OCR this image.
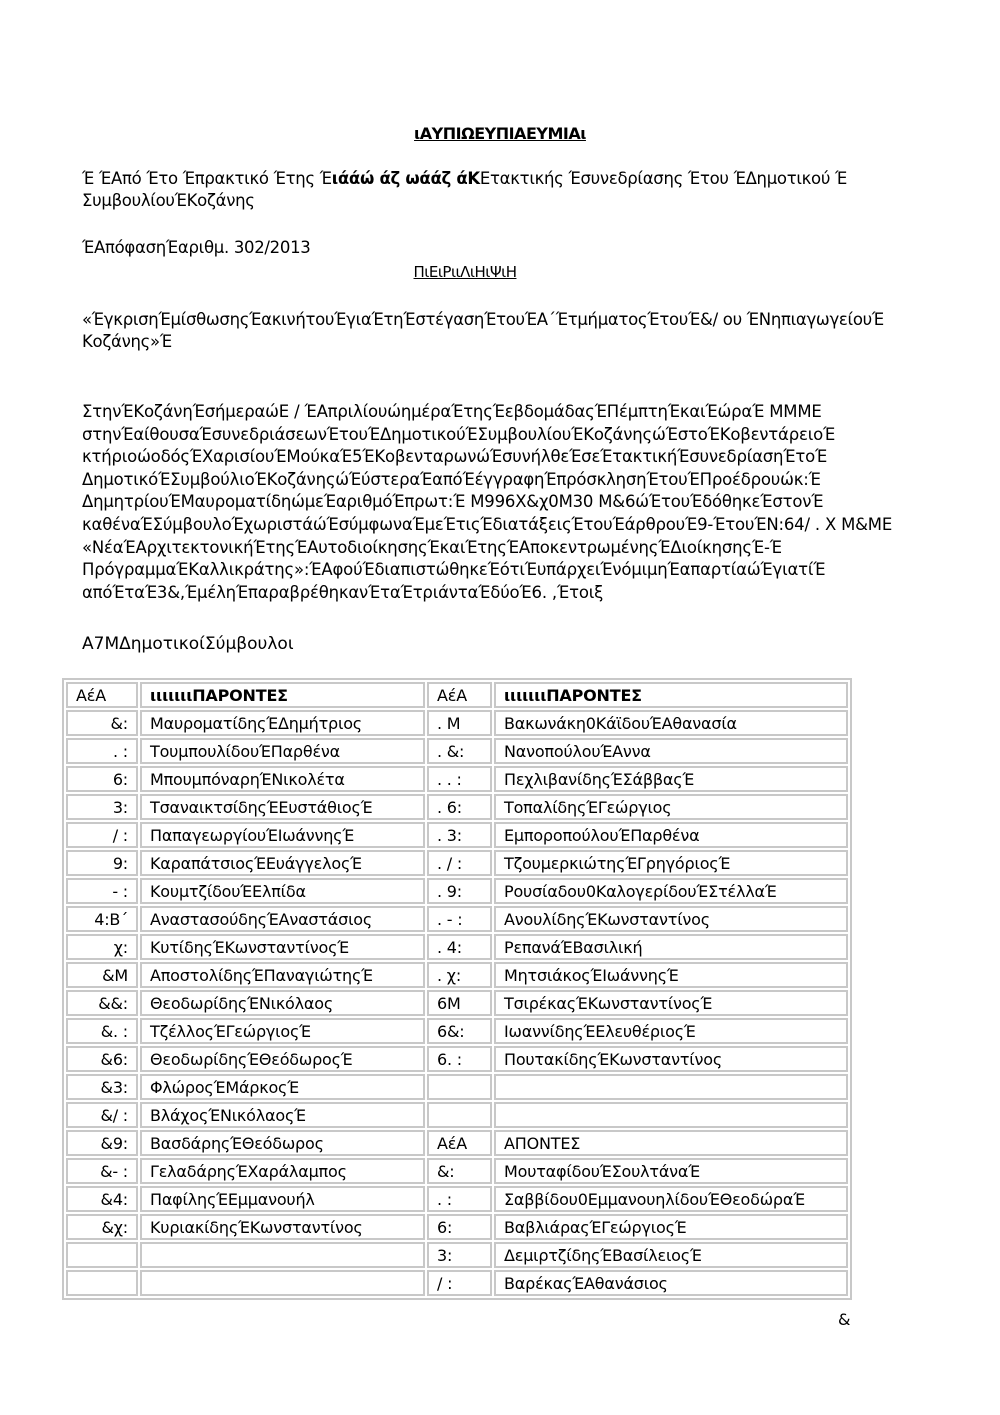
ιΑΥΠΙΩΕΥΠΙΑΕΥΜΙΑι
Έ ΈΑπό Έτο Έπρακτικό Έτης Έιάάώ άζ ωάάζ άΚΕτακτικής Έσυνεδρίασης Έτου ΈΔημοτικού Έ
ΣυμβουλίουΈΚοζάνης
ΈΑπόφασηΈαριθμ. 302/2013
ΠιΕιΡιιΛιΗιΨιΗ
«ΈγκρισηΈμίσθωσηςΈακινήτουΈγιαΈτηΈστέγασηΈτουΈΑ΄ΈτμήματοςΈτουΈ&/ ου ΈΝηπιαγωγείουΈ
Κοζάνης»Έ
ΣτηνΈΚοζάνηΈσήμεραώΕ / ΈΑπριλίουώημέραΈτηςΈεβδομάδαςΈΠέμπτηΈκαιΈώραΈ ΜΜΜΕ
στηνΈαίθουσαΈσυνεδριάσεωνΈτουΈΔημοτικούΈΣυμβουλίουΈΚοζάνηςώΈστοΈΚοβεντάρειοΈ
κτήριοώοδόςΈΧαρισίουΈΜούκαΈ5ΈΚοβενταρωνώΈσυνήλθεΈσεΈτακτικήΈσυνεδρίασηΈτοΈ
ΔημοτικόΈΣυμβούλιοΈΚοζάνηςώΈύστεραΈαπόΈέγγραφηΈπρόσκλησηΈτουΈΠροέδρουώκ:Έ
ΔημητρίουΈΜαυροματίδηώμεΈαριθμόΈπρωτ:Έ Μ996Χ&χ0Μ30 Μ&6ώΈτουΈδόθηκεΈστονΈ
καθέναΈΣύμβουλοΈχωριστάώΈσύμφωναΈμεΈτιςΈδιατάξειςΈτουΈάρθρουΈ9-ΈτουΈΝ:64/ . Χ Μ&ΜΕ
«ΝέαΈΑρχιτεκτονικήΈτηςΈΑυτοδιοίκησηςΈκαιΈτηςΈΑποκεντρωμένηςΈΔιοίκησηςΈ-Έ
ΠρόγραμμαΈΚαλλικράτης»:ΈΑφούΈδιαπιστώθηκεΈότιΈυπάρχειΈνόμιμηΈαπαρτίαώΈγιατίΈ
απόΈταΈ3&,ΈμέληΈπαραβρέθηκανΈταΈτριάνταΈδύοΈ6. ,Έτοιξ
Α7ΜΔημοτικοίΣύμβουλοι
ΑέΑ	ιιιιιιιΠΑΡΟΝΤΕΣ	ΑέΑ	ιιιιιιιΠΑΡΟΝΤΕΣ
&:	ΜαυροματίδηςΈΔημήτριος	. Μ	Βακωνάκη0ΚάϊδουΈΑθανασία
. :	ΤουμπουλίδουΈΠαρθένα	. &:	ΝανοπούλουΈΑννα
6:	ΜπουμπόναρηΈΝικολέτα	. . :	ΠεχλιβανίδηςΈΣάββαςΈ
3:	ΤσαναικτσίδηςΈΕυστάθιοςΈ	. 6:	ΤοπαλίδηςΈΓεώργιος
/ :	ΠαπαγεωργίουΈΙωάννηςΈ	. 3:	ΕμποροπούλουΈΠαρθένα
9:	ΚαραπάτσιοςΈΕυάγγελοςΈ	. / :	ΤζουμερκιώτηςΈΓρηγόριοςΈ
- :	ΚουμτζίδουΈΕλπίδα	. 9:	Ρουσίαδου0ΚαλογερίδουΈΣτέλλαΈ
4:Β΄	ΑναστασούδηςΈΑναστάσιος	. - :	ΑνουλίδηςΈΚωνσταντίνος
χ:	ΚυτίδηςΈΚωνσταντίνοςΈ	. 4:	ΡεπανάΈΒασιλική
&Μ	ΑποστολίδηςΈΠαναγιώτηςΈ	. χ:	ΜητσιάκοςΈΙωάννηςΈ
&&:	ΘεοδωρίδηςΈΝικόλαος	6Μ	ΤσιρέκαςΈΚωνσταντίνοςΈ
&. :	ΤζέλλοςΈΓεώργιοςΈ	6&:	ΙωαννίδηςΈΕλευθέριοςΈ
&6:	ΘεοδωρίδηςΈΘεόδωροςΈ	6. :	ΠουτακίδηςΈΚωνσταντίνος
&3:	ΦλώροςΈΜάρκοςΈ		
&/ :	ΒλάχοςΈΝικόλαοςΈ		
&9:	ΒασδάρηςΈΘεόδωρος	ΑέΑ	ΑΠΟΝΤΕΣ
&- :	ΓελαδάρηςΈΧαράλαμπος	&:	ΜουταφίδουΈΣουλτάναΈ
&4:	ΠαφίληςΈΕμμανουήλ	. :	Σαββίδου0ΕμμανουηλίδουΈΘεοδώραΈ
&χ:	ΚυριακίδηςΈΚωνσταντίνος	6:	ΒαβλιάραςΈΓεώργιοςΈ
		3:	ΔεμιρτζίδηςΈΒασίλειοςΈ
		/ :	ΒαρέκαςΈΑθανάσιος
&
